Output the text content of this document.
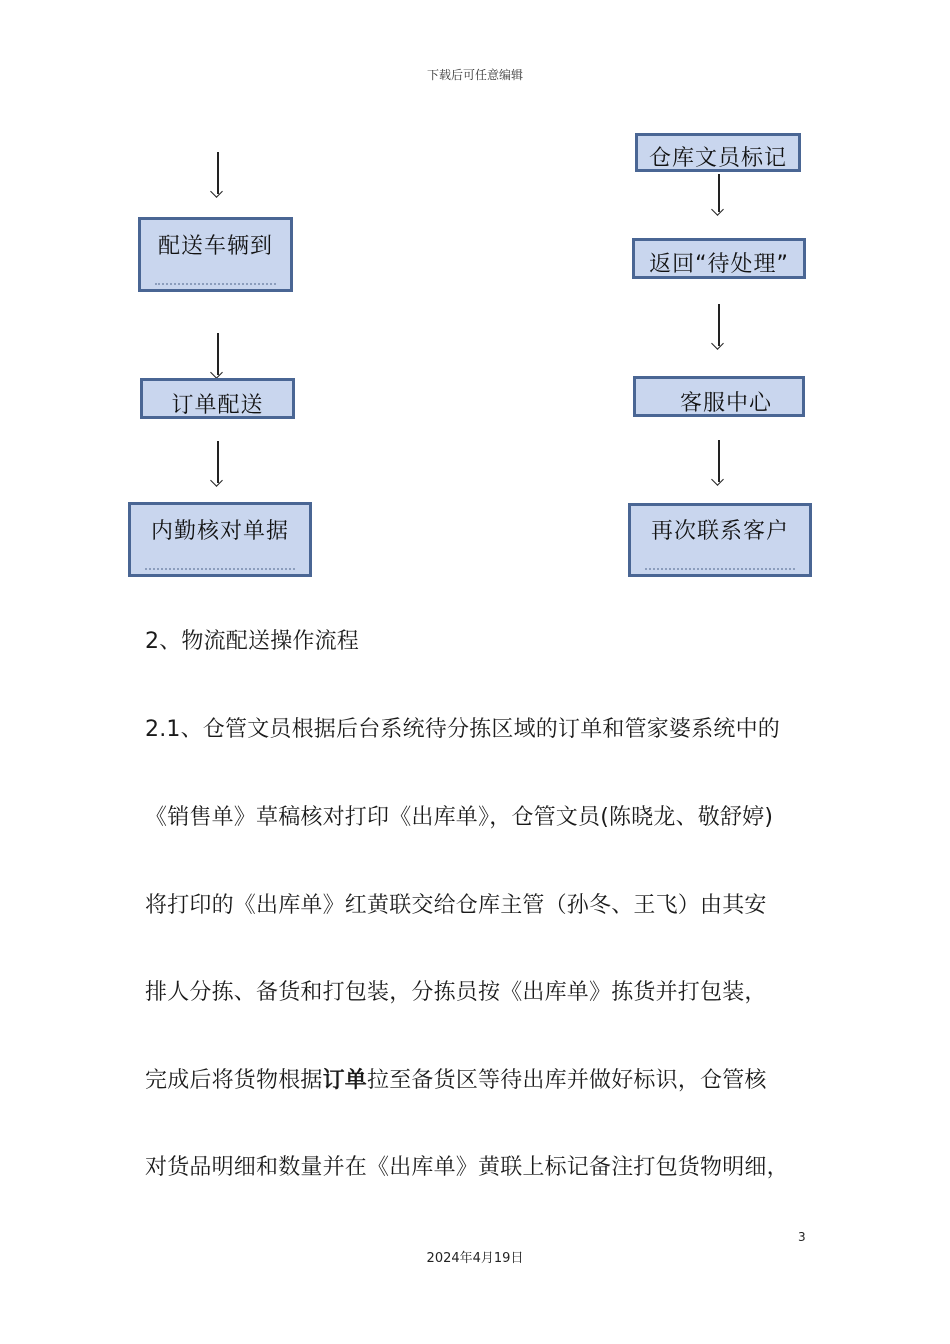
下载后可任意编辑
配送车辆到
订单配送
内勤核对单据
仓库文员标记
返回“待处理”
客服中心
再次联系客户
2、物流配送操作流程
2.1、仓管文员根据后台系统待分拣区域的订单和管家婆系统中的
《销售单》草稿核对打印《出库单》，仓管文员(陈晓龙、敬舒婷)
将打印的《出库单》红黄联交给仓库主管（孙冬、王飞）由其安
排人分拣、备货和打包装，分拣员按《出库单》拣货并打包装，
完成后将货物根据订单拉至备货区等待出库并做好标识，仓管核
对货品明细和数量并在《出库单》黄联上标记备注打包货物明细，
3
2024年4月19日
